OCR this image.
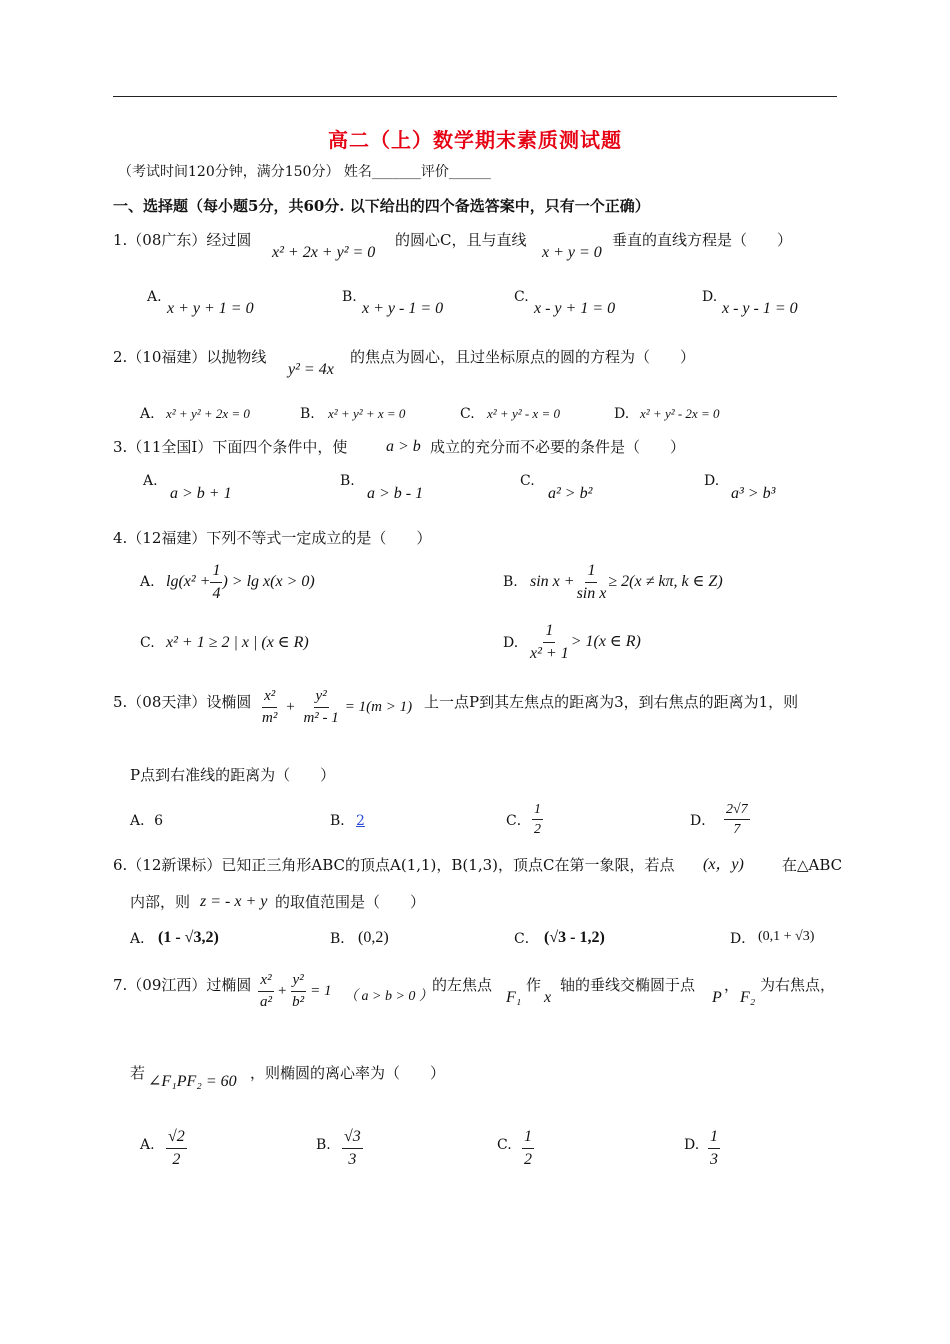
高二（上）数学期末素质测试题
（考试时间120分钟，满分150分） 姓名_______评价______
一、选择题（每小题5分，共60分. 以下给出的四个备选答案中，只有一个正确）
1.（08广东）经过圆
x² + 2x + y² = 0
的圆心C，且与直线
x + y = 0
垂直的直线方程是（　　）
A.
x + y + 1 = 0
B.
x + y - 1 = 0
C.
x - y + 1 = 0
D.
x - y - 1 = 0
2.（10福建）以抛物线
y² = 4x
的焦点为圆心，且过坐标原点的圆的方程为（　　）
A. x² + y² + 2x = 0	B. x² + y² + x = 0	C. x² + y² - x = 0	D. x² + y² - 2x = 0
3.（11全国Ⅰ）下面四个条件中，使 a > b 成立的充分而不必要的条件是（　　）
A.
a > b + 1
B.
a > b - 1
C.
a² > b²
D.
a³ > b³
4.（12福建）下列不等式一定成立的是（　　）
A. $\lg(x^2 + \frac{1}{4}$ ) > lg x(x > 0)	B. $\sin x + \frac{1}{\text{sin x}} \ge 2(x \ne k\pi$, k ∈ Z)
C. x² + 1 ≥ 2 | x | (x ∈ R)	D. $\frac{1}{\text{x² + 1}} > 1(x$ ∈ R)
5.（08天津）设椭圆 $\frac{\text{x²}}{\text{m²}} + \frac{\text{y²}}{\text{m² - 1}} = 1(m > 1)$ 上一点P到其左焦点的距离为3，到右焦点的距离为1，则
P点到右准线的距离为（　　）
A．6	B． 2	C． $\frac{1}{2}$	D． $\frac{2√7}{7}$
6.（12新课标）已知正三角形ABC的顶点A(1,1)，B(1,3)，顶点C在第一象限，若点 (x，y)	在△ABC
内部，则 z = - x + y 的取值范围是（　　）
A． (1 - √3,2)	B． (0,2)	C． (√3 - 1,2)	D． (0,1 + √3)
7.（09江西）过椭圆 $\frac{\text{x²}}{\text{a²}} + \frac{\text{y²}}{\text{b²}} = 1$ （ a > b > 0 ）
的左焦点
F₁
作
x
轴的垂线交椭圆于点
P
，
F₂
为右焦点，
若 ∠F₁PF₂ = 60 ，则椭圆的离心率为（　　）
A. $\frac{√2}{2}$	B. $\frac{√3}{3}$	C. $\frac{1}{2}$	D. $\frac{1}{3}$
